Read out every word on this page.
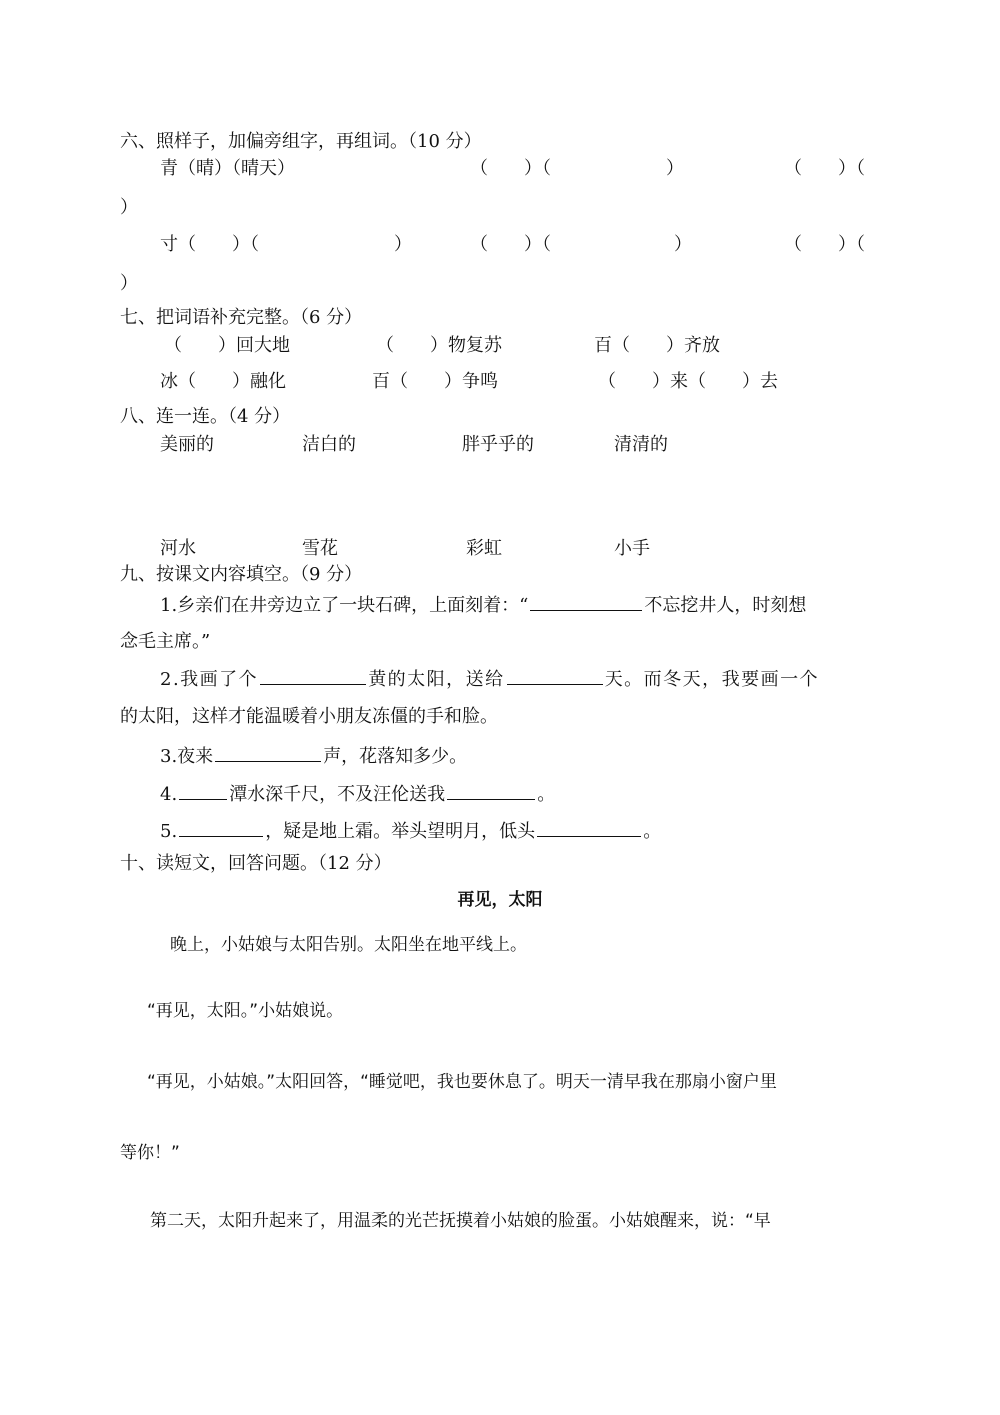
六、照样子，加偏旁组字，再组词。（10 分）
青（晴）（晴天）	（　　）（	）	（　　）（
）
寸（　　）（	）	（　　）（	）	（　　）（
）
七、把词语补充完整。（6 分）
（　　）回大地	（　　）物复苏	百（　　）齐放
冰（　　）融化	百（　　）争鸣	（　　）来（　　）去
八、连一连。（4 分）
美丽的	洁白的	胖乎乎的	清清的
河水	雪花	彩虹	小手
九、按课文内容填空。（9 分）
1.乡亲们在井旁边立了一块石碑，上面刻着：“	不忘挖井人，时刻想
念毛主席。”
2.我画了个	黄的太阳，送给	天。而冬天，我要画一个
的太阳，这样才能温暖着小朋友冻僵的手和脸。
3.夜来	声，花落知多少。
4.	潭水深千尺，不及汪伦送我	。
5.	，疑是地上霜。举头望明月，低头	。
十、读短文，回答问题。（12 分）
再见，太阳
晚上，小姑娘与太阳告别。太阳坐在地平线上。
“再见，太阳。”小姑娘说。
“再见，小姑娘。”太阳回答，“睡觉吧，我也要休息了。明天一清早我在那扇小窗户里
等你！”
第二天，太阳升起来了，用温柔的光芒抚摸着小姑娘的脸蛋。小姑娘醒来，说：“早
